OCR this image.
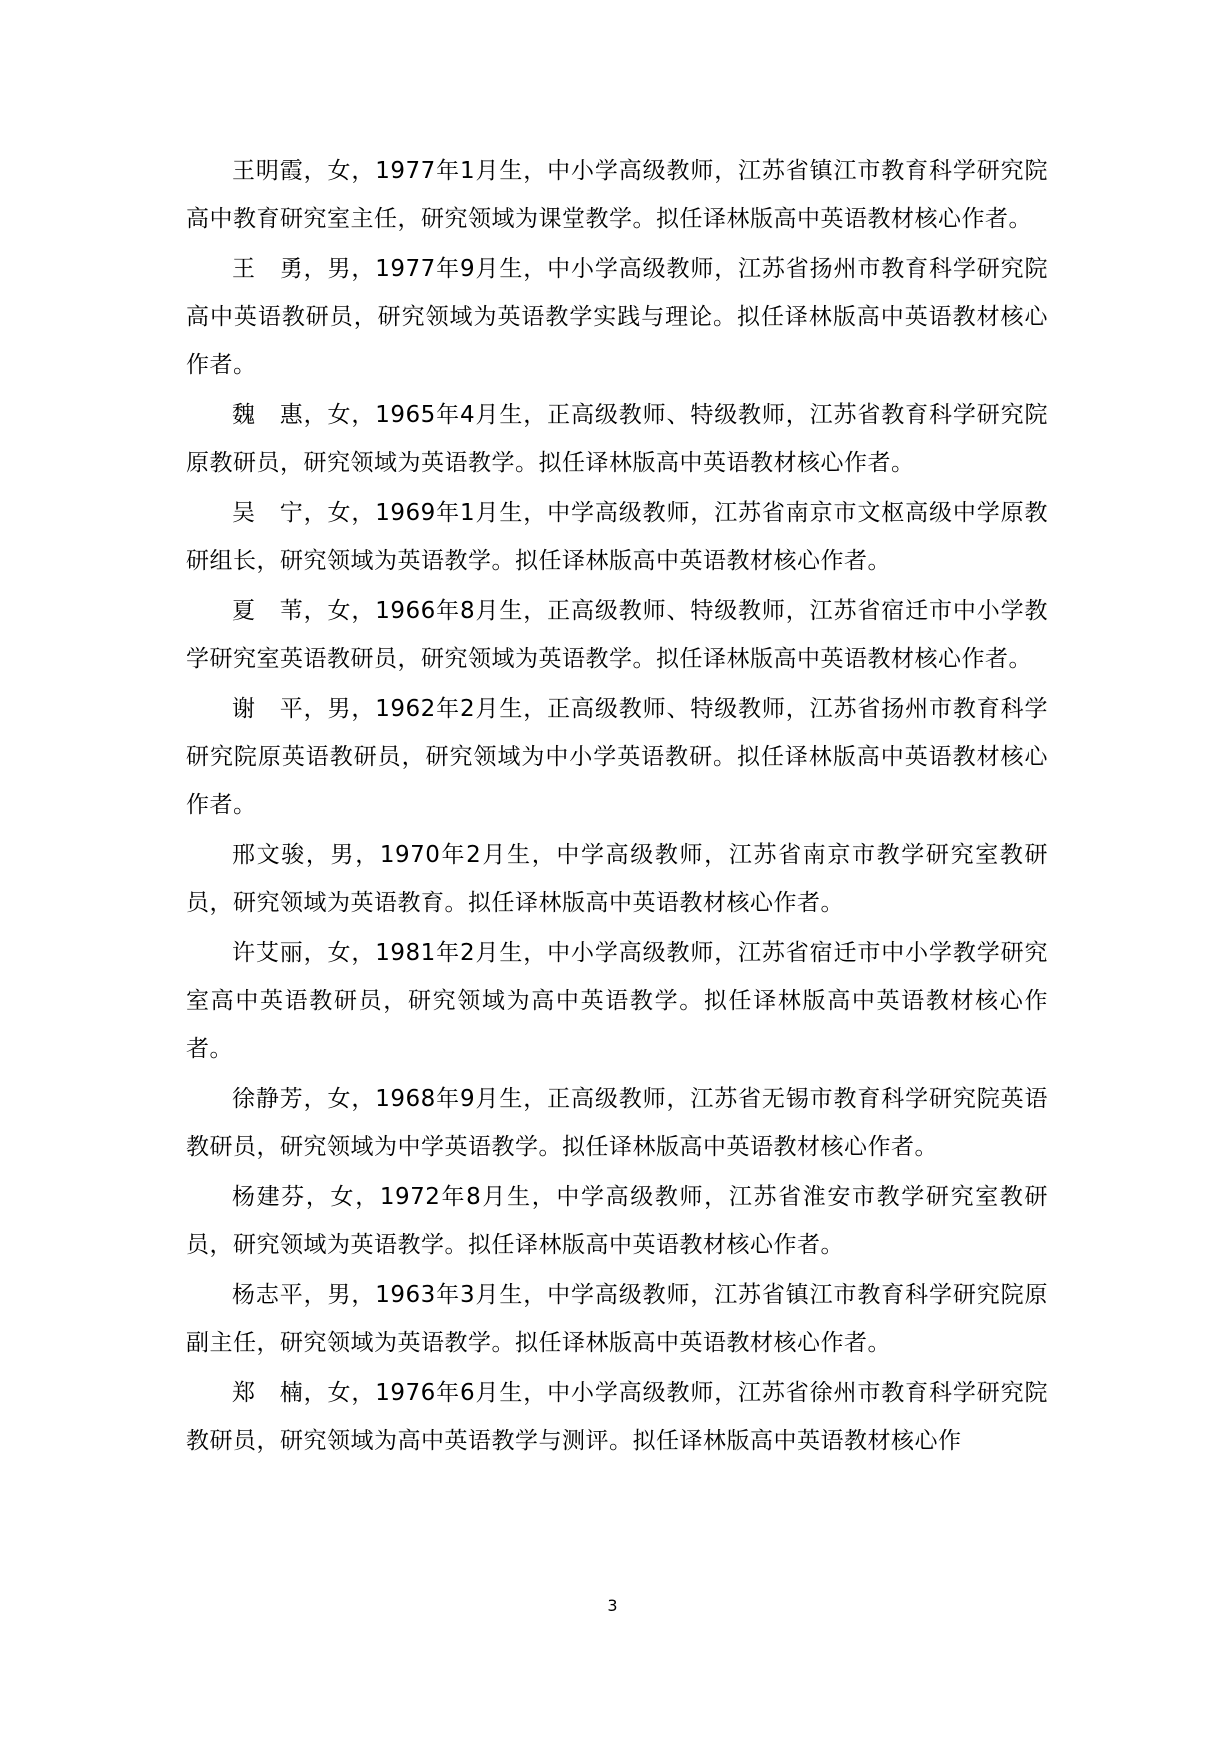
王明霞，女，1977年1月生，中小学高级教师，江苏省镇江市教育科学研究院高中教育研究室主任，研究领域为课堂教学。拟任译林版高中英语教材核心作者。

王　勇，男，1977年9月生，中小学高级教师，江苏省扬州市教育科学研究院高中英语教研员，研究领域为英语教学实践与理论。拟任译林版高中英语教材核心作者。

魏　惠，女，1965年4月生，正高级教师、特级教师，江苏省教育科学研究院原教研员，研究领域为英语教学。拟任译林版高中英语教材核心作者。

吴　宁，女，1969年1月生，中学高级教师，江苏省南京市文枢高级中学原教研组长，研究领域为英语教学。拟任译林版高中英语教材核心作者。

夏　苇，女，1966年8月生，正高级教师、特级教师，江苏省宿迁市中小学教学研究室英语教研员，研究领域为英语教学。拟任译林版高中英语教材核心作者。

谢　平，男，1962年2月生，正高级教师、特级教师，江苏省扬州市教育科学研究院原英语教研员，研究领域为中小学英语教研。拟任译林版高中英语教材核心作者。

邢文骏，男，1970年2月生，中学高级教师，江苏省南京市教学研究室教研员，研究领域为英语教育。拟任译林版高中英语教材核心作者。

许艾丽，女，1981年2月生，中小学高级教师，江苏省宿迁市中小学教学研究室高中英语教研员，研究领域为高中英语教学。拟任译林版高中英语教材核心作者。

徐静芳，女，1968年9月生，正高级教师，江苏省无锡市教育科学研究院英语教研员，研究领域为中学英语教学。拟任译林版高中英语教材核心作者。

杨建芬，女，1972年8月生，中学高级教师，江苏省淮安市教学研究室教研员，研究领域为英语教学。拟任译林版高中英语教材核心作者。

杨志平，男，1963年3月生，中学高级教师，江苏省镇江市教育科学研究院原副主任，研究领域为英语教学。拟任译林版高中英语教材核心作者。

郑　楠，女，1976年6月生，中小学高级教师，江苏省徐州市教育科学研究院教研员，研究领域为高中英语教学与测评。拟任译林版高中英语教材核心作

3
